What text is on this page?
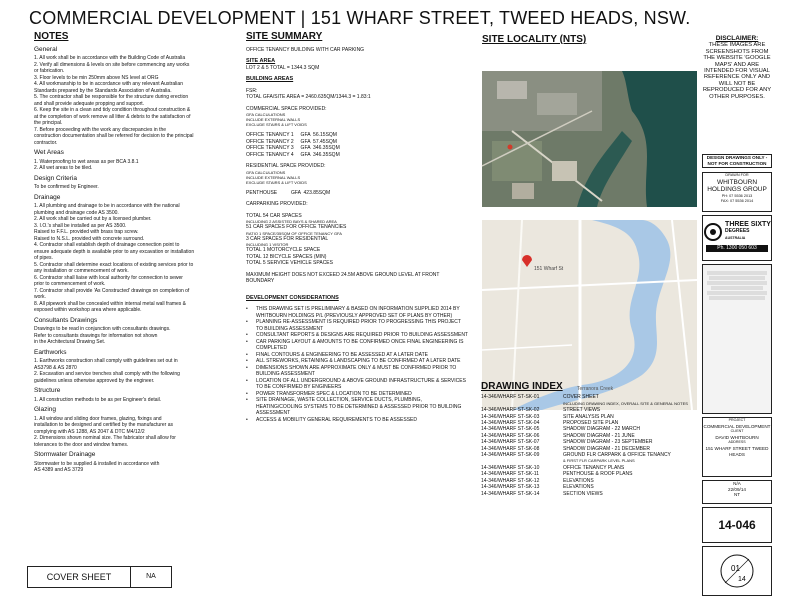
COMMERCIAL DEVELOPMENT | 151 WHARF STREET, TWEED HEADS, NSW.
NOTES
General

1. All work shall be in accordance with the Building Code of Australia

2. Verify all dimensions & levels on site before commencing any works

or fabrication.

3. Floor levels to be min 250mm above NS level at ORG

4. All workmanship to be in accordance with any relevant Australian

Standards prepared by the Standards Association of Australia.

5. The contractor shall be responsible for the structure during erection

and shall provide adequate propping and support.

6. Keep the site in a clean and tidy condition throughout construction &

at the completion of work remove all litter & debris to the satisfaction of

the principal.

7. Before proceeding with the work any discrepancies in the

construction documentation shall be referred for decision to the principal

contractor.

Wet Areas

1. Waterproofing to wet areas as per BCA 3.8.1

2. All wet areas to be tiled.

Design Criteria

To be confirmed by Engineer.

Drainage

1. All plumbing and drainage to be in accordance with the national

plumbing and drainage code AS 3500.

2. All work shall be carried out by a licensed plumber.

3. I.O.'s shall be installed as per AS 3500.

Raised to F.F.L. provided with brass trap screw.

Raised to N.S.L. provided with concrete surround.

4. Contractor shall establish depth of drainage connection point to

ensure adequate depth is available prior to any excavation or installation

of pipes.

5. Contractor shall determine exact locations of existing services prior to

any installation or commencement of work.

6. Contractor shall liaise with local authority for connection to sewer

prior to commencement of work.

7. Contractor shall provide 'As Constructed' drawings on completion of

work.

8. All pipework shall be concealed within internal metal wall frames &

exposed within workshop area where applicable.

Consultants Drawings

Drawings to be read in conjunction with consultants drawings.

Refer to consultants drawings for information not shown

in the Architectural Drawing Set.

Earthworks

1. Earthworks construction shall comply with guidelines set out in

AS3798 & AS 2870

2. Excavation and service trenches shall comply with the following

guidelines unless otherwise approved by the engineer.

Structure

1. All construction methods to be as per Engineer's detail.

Glazing

1. All window and sliding door frames, glazing, fixings and

installation to be designed and certified by the manufacturer as

complying with AS 1288, AS 2047 & DTC M4/12/2

2. Dimensions shown nominal size. The fabricator shall allow for

tolerances to the door and window frames.

Stormwater Drainage

Stormwater to be supplied & installed in accordance with

AS 4389 and AS 3729

SITE SUMMARY

OFFICE TENANCY BUILDING WITH CAR PARKING

SITE AREA

LOT 2 & 5 TOTAL = 1344.3 SQM

BUILDING AREAS

FSR:

TOTAL GFA/SITE AREA = 2460.635QM/1344.3 = 1.83:1

COMMERCIAL SPACE PROVIDED:

GFA CALCULATIONS

INCLUDE EXTERNAL WALLS

EXCLUDE STAIRS & LIFT VOIDS

OFFICE TENANCY 1     GFA  56.15SQM

OFFICE TENANCY 2     GFA  57.45SQM

OFFICE TENANCY 3     GFA  346.35SQM

OFFICE TENANCY 4     GFA  346.35SQM

RESIDENTIAL SPACE PROVIDED:

GFA CALCULATIONS

INCLUDE EXTERNAL WALLS

EXCLUDE STAIRS & LIFT VOIDS

PENTHOUSE          GFA  423.85SQM

CARPARKING PROVIDED:

TOTAL 54 CAR SPACES

INCLUDING 2 ASSISTED BAYS & SHARED AREA

51 CAR SPACES FOR OFFICE TENANCIES

RATIO 1 SPACE/35SQM OF OFFICE TENANCY GFA

3 CAR SPACES FOR RESIDENTIAL

INCLUDING 1 VISITOR

TOTAL 1 MOTORCYCLE SPACE

TOTAL 12 BICYCLE SPACES (MIN)

TOTAL 5 SERVICE VEHICLE SPACES

MAXIMUM HEIGHT DOES NOT EXCEED 24.5M ABOVE GROUND LEVEL AT FRONT BOUNDARY

DEVELOPMENT CONSIDERATIONS
•	THIS DRAWING SET IS PRELIMINARY & BASED ON INFORMATION SUPPLIED 2014 BY WHITBOURN HOLDINGS P/L (PREVIOUSLY APPROVED SET OF PLANS BY OTHER)
•	PLANNING RE-ASSESSMENT IS REQUIRED PRIOR TO PROGRESSING THIS PROJECT TO BUILDING ASSESSMENT
•	CONSULTANT REPORTS & DESIGNS ARE REQUIRED PRIOR TO BUILDING ASSESSMENT
•	CAR PARKING LAYOUT & AMOUNTS TO BE CONFIRMED ONCE FINAL ENGINEERING IS COMPLETED
•	FINAL CONTOURS & ENGINEERING TO BE ASSESSED AT A LATER DATE
•	ALL STREWORKS, RETAINING & LANDSCAPING TO BE CONFIRMED AT A LATER DATE
•	DIMENSIONS SHOWN ARE APPROXIMATE ONLY & MUST BE CONFIRMED PRIOR TO BUILDING ASSESSMENT
•	LOCATION OF ALL UNDERGROUND & ABOVE GROUND INFRASTRUCTURE & SERVICES TO BE CONFIRMED BY ENGINEERS
•	POWER TRANSFORMER SPEC & LOCATION TO BE DETERMINED
•	SITE DRAINAGE, WASTE COLLECTION, SERVICE DUCTS, PLUMBING, HEATING/COOLING SYSTEMS TO BE DETERMINED & ASSESSED PRIOR TO BUILDING ASSESSMENT
•	ACCESS & MOBILITY GENERAL REQUIREMENTS TO BE ASSESSED
SITE LOCALITY (NTS)
151 Wharf St
Terranora Creek
DRAWING INDEX
14-346/WHARF ST-SK-01	COVER SHEET
INCLUDING DRAWING INDEX, OVERALL SITE & GENERAL NOTES
14-346/WHARF ST-SK-02	STREET VIEWS
14-346/WHARF ST-SK-03	SITE ANALYSIS PLAN
14-346/WHARF ST-SK-04	PROPOSED SITE PLAN
14-346/WHARF ST-SK-05	SHADOW DIAGRAM - 22 MARCH
14-346/WHARF ST-SK-06	SHADOW DIAGRAM - 21 JUNE
14-346/WHARF ST-SK-07	SHADOW DIAGRAM - 23 SEPTEMBER
14-346/WHARF ST-SK-08	SHADOW DIAGRAM - 21 DECEMBER
14-346/WHARF ST-SK-09	GROUND FLR CARPARK & OFFICE TENANCY
& FIRST FLR CARPARK LEVEL PLANS
14-346/WHARF ST-SK-10	OFFICE TENANCY PLANS
14-346/WHARF ST-SK-11	PENTHOUSE & ROOF PLANS
14-346/WHARF ST-SK-12	ELEVATIONS
14-346/WHARF ST-SK-13	ELEVATIONS
14-346/WHARF ST-SK-14	SECTION VIEWS
DISCLAIMER:
THESE IMAGES ARE SCREENSHOTS FROM THE WEBSITE 'GOOGLE MAPS' AND ARE INTENDED FOR VISUAL REFERENCE ONLY AND WILL NOT BE REPRODUCED FOR ANY OTHER PURPOSES.
DESIGN DRAWINGS ONLY - NOT FOR CONSTRUCTION
DRAWN FOR
WHITBOURN HOLDINGS GROUP
PH: 07 5536 2013
FAX: 07 5536 2014
THREE SIXTY
DEGREES
AUSTRALIA
Ph. 1300 050 603
PROJECT
COMMERCIAL DEVELOPMENT
CLIENT
DAVID WHITBOURN
ADDRESS
151 WHARF STREET TWEED HEADS
N/A
22/09/14
NT
14-046
01
14
COVER SHEET	NA
